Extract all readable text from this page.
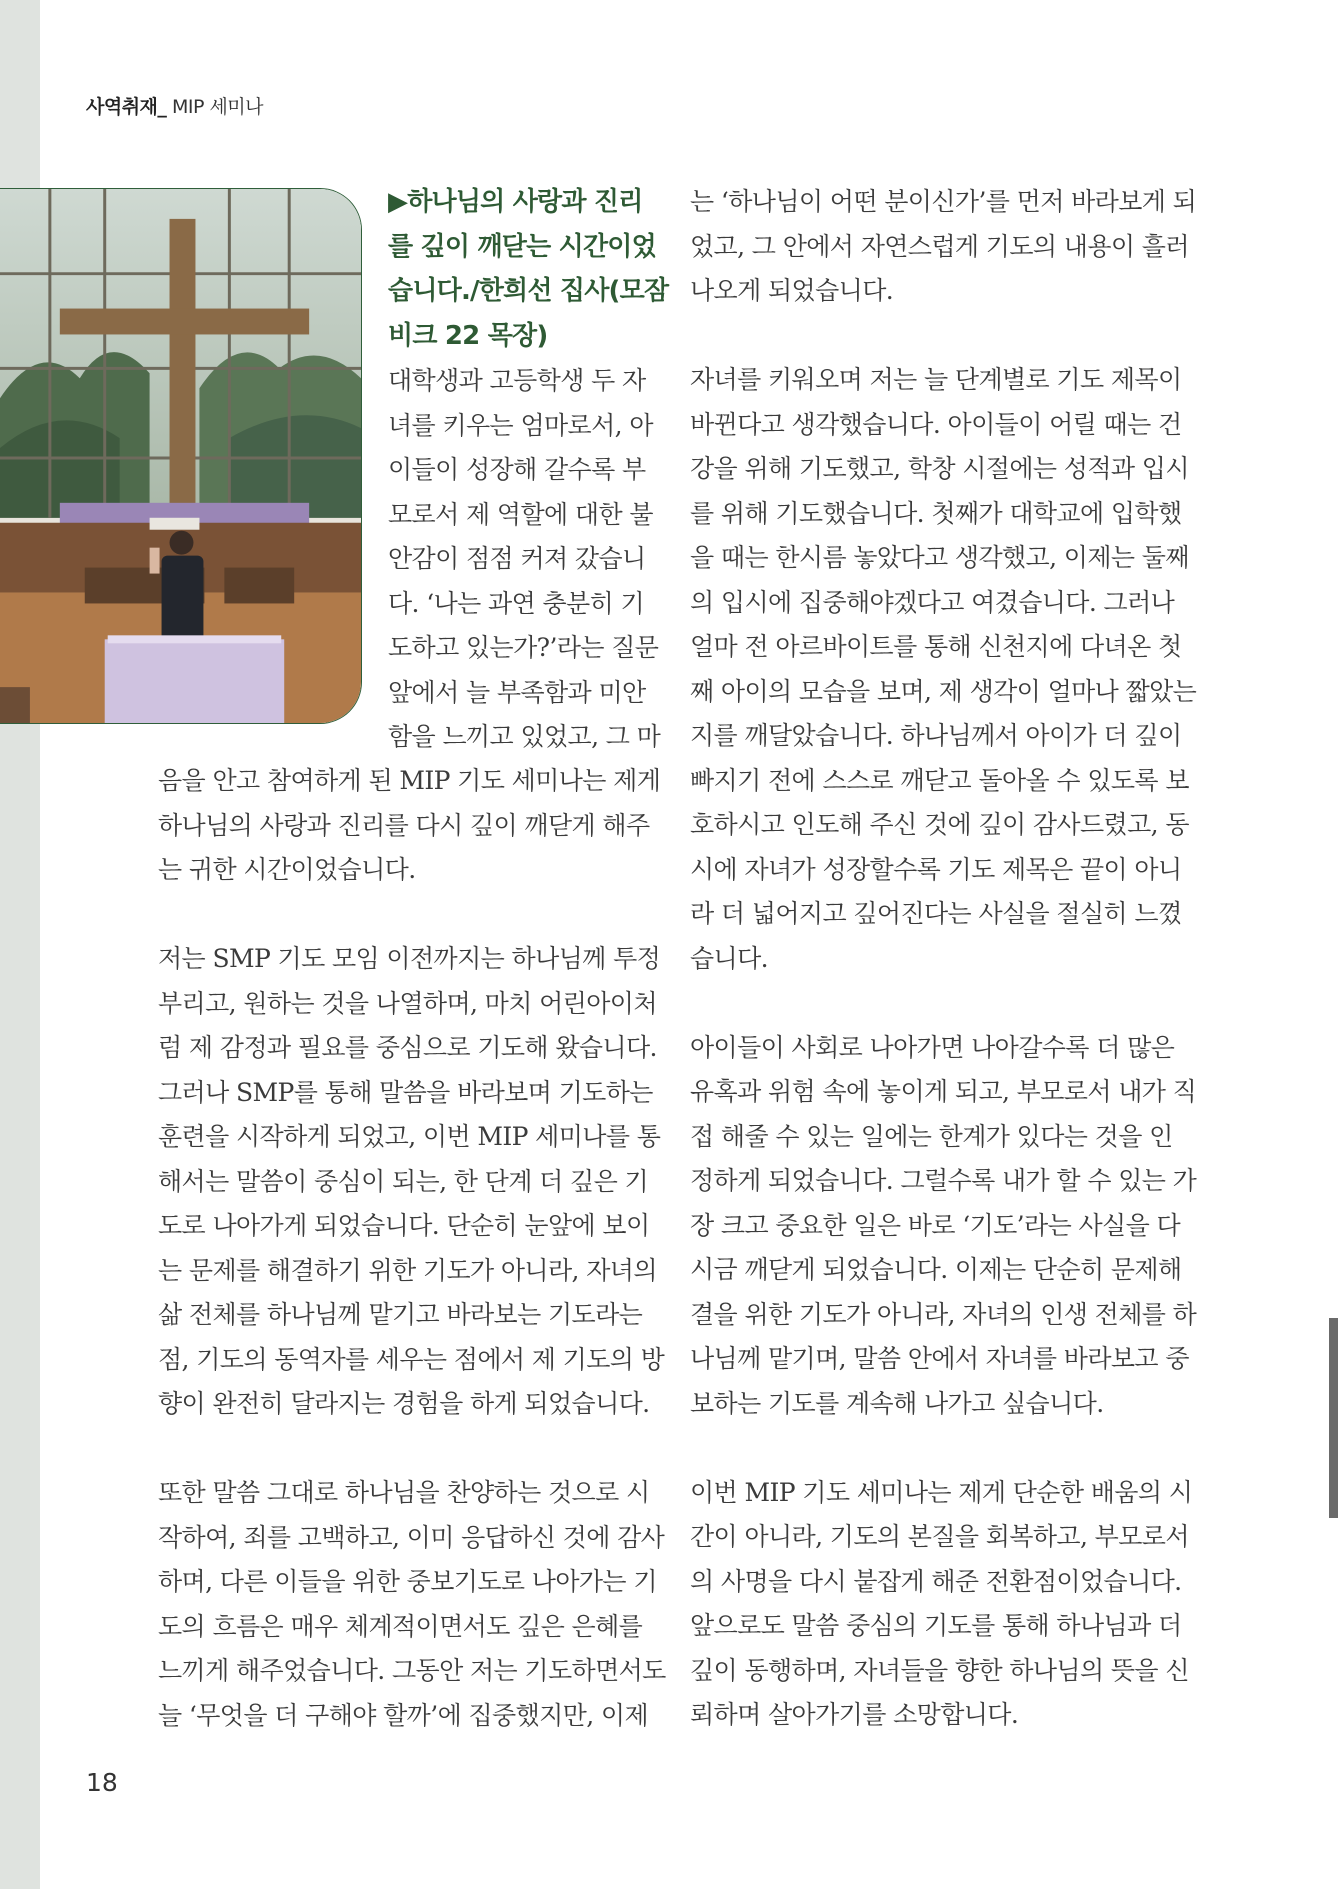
사역취재_ MIP 세미나
▶하나님의 사랑과 진리
를 깊이 깨닫는 시간이었
습니다./한희선 집사(모잠
비크 22 목장)
대학생과 고등학생 두 자
녀를 키우는 엄마로서, 아
이들이 성장해 갈수록 부
모로서 제 역할에 대한 불
안감이 점점 커져 갔습니
다. ‘나는 과연 충분히 기
도하고 있는가?’라는 질문
앞에서 늘 부족함과 미안
함을 느끼고 있었고, 그 마
음을 안고 참여하게 된 MIP 기도 세미나는 제게
하나님의 사랑과 진리를 다시 깊이 깨닫게 해주
는 귀한 시간이었습니다.
저는 SMP 기도 모임 이전까지는 하나님께 투정
부리고, 원하는 것을 나열하며, 마치 어린아이처
럼 제 감정과 필요를 중심으로 기도해 왔습니다.
그러나 SMP를 통해 말씀을 바라보며 기도하는
훈련을 시작하게 되었고, 이번 MIP 세미나를 통
해서는 말씀이 중심이 되는, 한 단계 더 깊은 기
도로 나아가게 되었습니다. 단순히 눈앞에 보이
는 문제를 해결하기 위한 기도가 아니라, 자녀의
삶 전체를 하나님께 맡기고 바라보는 기도라는
점, 기도의 동역자를 세우는 점에서 제 기도의 방
향이 완전히 달라지는 경험을 하게 되었습니다.
또한 말씀 그대로 하나님을 찬양하는 것으로 시
작하여, 죄를 고백하고, 이미 응답하신 것에 감사
하며, 다른 이들을 위한 중보기도로 나아가는 기
도의 흐름은 매우 체계적이면서도 깊은 은혜를
느끼게 해주었습니다. 그동안 저는 기도하면서도
늘 ‘무엇을 더 구해야 할까’에 집중했지만, 이제
는 ‘하나님이 어떤 분이신가’를 먼저 바라보게 되
었고, 그 안에서 자연스럽게 기도의 내용이 흘러
나오게 되었습니다.
자녀를 키워오며 저는 늘 단계별로 기도 제목이
바뀐다고 생각했습니다. 아이들이 어릴 때는 건
강을 위해 기도했고, 학창 시절에는 성적과 입시
를 위해 기도했습니다. 첫째가 대학교에 입학했
을 때는 한시름 놓았다고 생각했고, 이제는 둘째
의 입시에 집중해야겠다고 여겼습니다. 그러나
얼마 전 아르바이트를 통해 신천지에 다녀온 첫
째 아이의 모습을 보며, 제 생각이 얼마나 짧았는
지를 깨달았습니다. 하나님께서 아이가 더 깊이
빠지기 전에 스스로 깨닫고 돌아올 수 있도록 보
호하시고 인도해 주신 것에 깊이 감사드렸고, 동
시에 자녀가 성장할수록 기도 제목은 끝이 아니
라 더 넓어지고 깊어진다는 사실을 절실히 느꼈
습니다.
아이들이 사회로 나아가면 나아갈수록 더 많은
유혹과 위험 속에 놓이게 되고, 부모로서 내가 직
접 해줄 수 있는 일에는 한계가 있다는 것을 인
정하게 되었습니다. 그럴수록 내가 할 수 있는 가
장 크고 중요한 일은 바로 ‘기도’라는 사실을 다
시금 깨닫게 되었습니다. 이제는 단순히 문제해
결을 위한 기도가 아니라, 자녀의 인생 전체를 하
나님께 맡기며, 말씀 안에서 자녀를 바라보고 중
보하는 기도를 계속해 나가고 싶습니다.
이번 MIP 기도 세미나는 제게 단순한 배움의 시
간이 아니라, 기도의 본질을 회복하고, 부모로서
의 사명을 다시 붙잡게 해준 전환점이었습니다.
앞으로도 말씀 중심의 기도를 통해 하나님과 더
깊이 동행하며, 자녀들을 향한 하나님의 뜻을 신
뢰하며 살아가기를 소망합니다.
18
